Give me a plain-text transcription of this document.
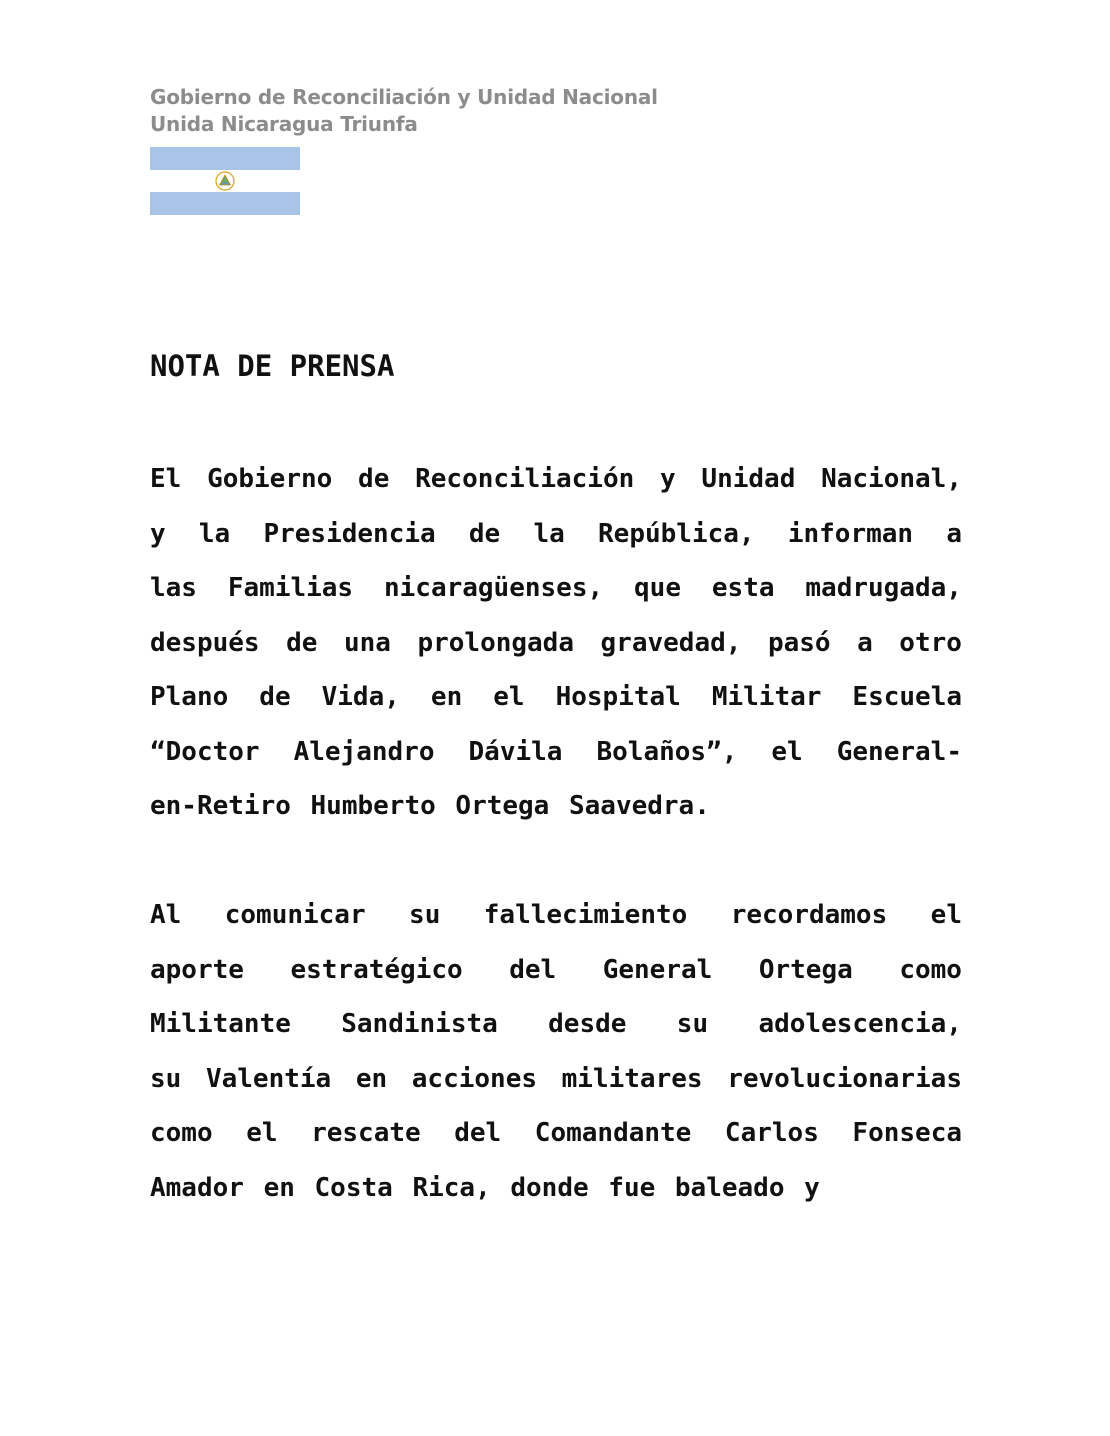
Gobierno de Reconciliación y Unidad Nacional
Unida Nicaragua Triunfa
NOTA DE PRENSA
El Gobierno de Reconciliación y Unidad Nacional,
y la Presidencia de la República, informan a
las Familias nicaragüenses, que esta madrugada,
después de una prolongada gravedad, pasó a otro
Plano de Vida, en el Hospital Militar Escuela
“Doctor Alejandro Dávila Bolaños”, el General-
en-Retiro Humberto Ortega Saavedra.
Al comunicar su fallecimiento recordamos el
aporte estratégico del General Ortega como
Militante Sandinista desde su adolescencia,
su Valentía en acciones militares revolucionarias
como el rescate del Comandante Carlos Fonseca
Amador en Costa Rica, donde fue baleado y
